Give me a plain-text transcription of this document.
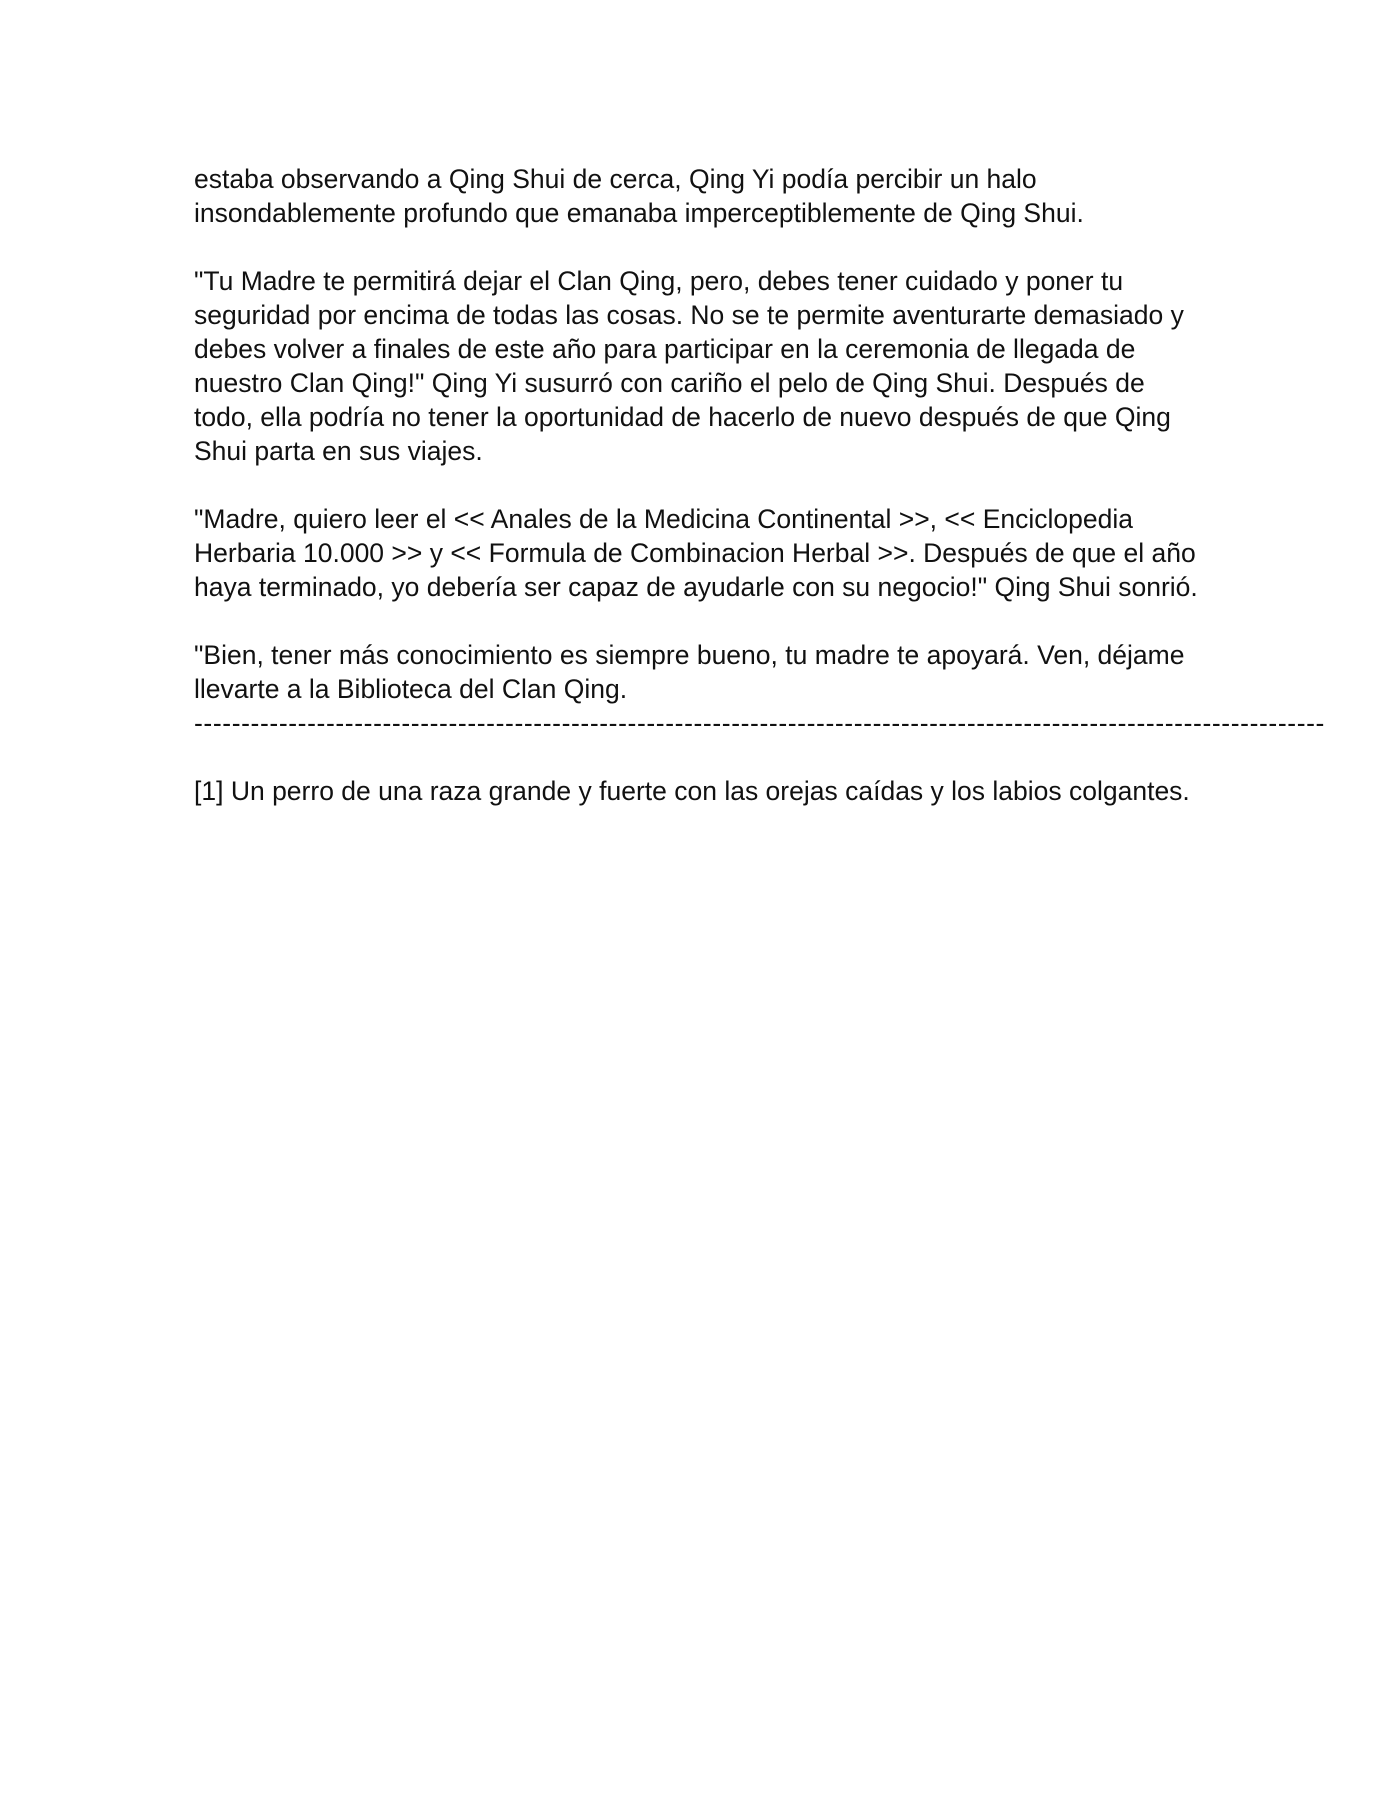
estaba observando a Qing Shui de cerca, Qing Yi podía percibir un halo insondablemente profundo que emanaba imperceptiblemente de Qing Shui.

"Tu Madre te permitirá dejar el Clan Qing, pero, debes tener cuidado y poner tu seguridad por encima de todas las cosas. No se te permite aventurarte demasiado y debes volver a finales de este año para participar en la ceremonia de llegada de nuestro Clan Qing!" Qing Yi susurró con cariño el pelo de Qing Shui. Después de todo, ella podría no tener la oportunidad de hacerlo de nuevo después de que Qing Shui parta en sus viajes.

"Madre, quiero leer el << Anales de la Medicina Continental >>, << Enciclopedia Herbaria 10.000 >> y << Formula de Combinacion Herbal >>. Después de que el año haya terminado, yo debería ser capaz de ayudarle con su negocio!" Qing Shui sonrió.

"Bien, tener más conocimiento es siempre bueno, tu madre te apoyará. Ven, déjame llevarte a la Biblioteca del Clan Qing.

------------------------------------------------------------------------------------------------------------------------

[1] Un perro de una raza grande y fuerte con las orejas caídas y los labios colgantes.
